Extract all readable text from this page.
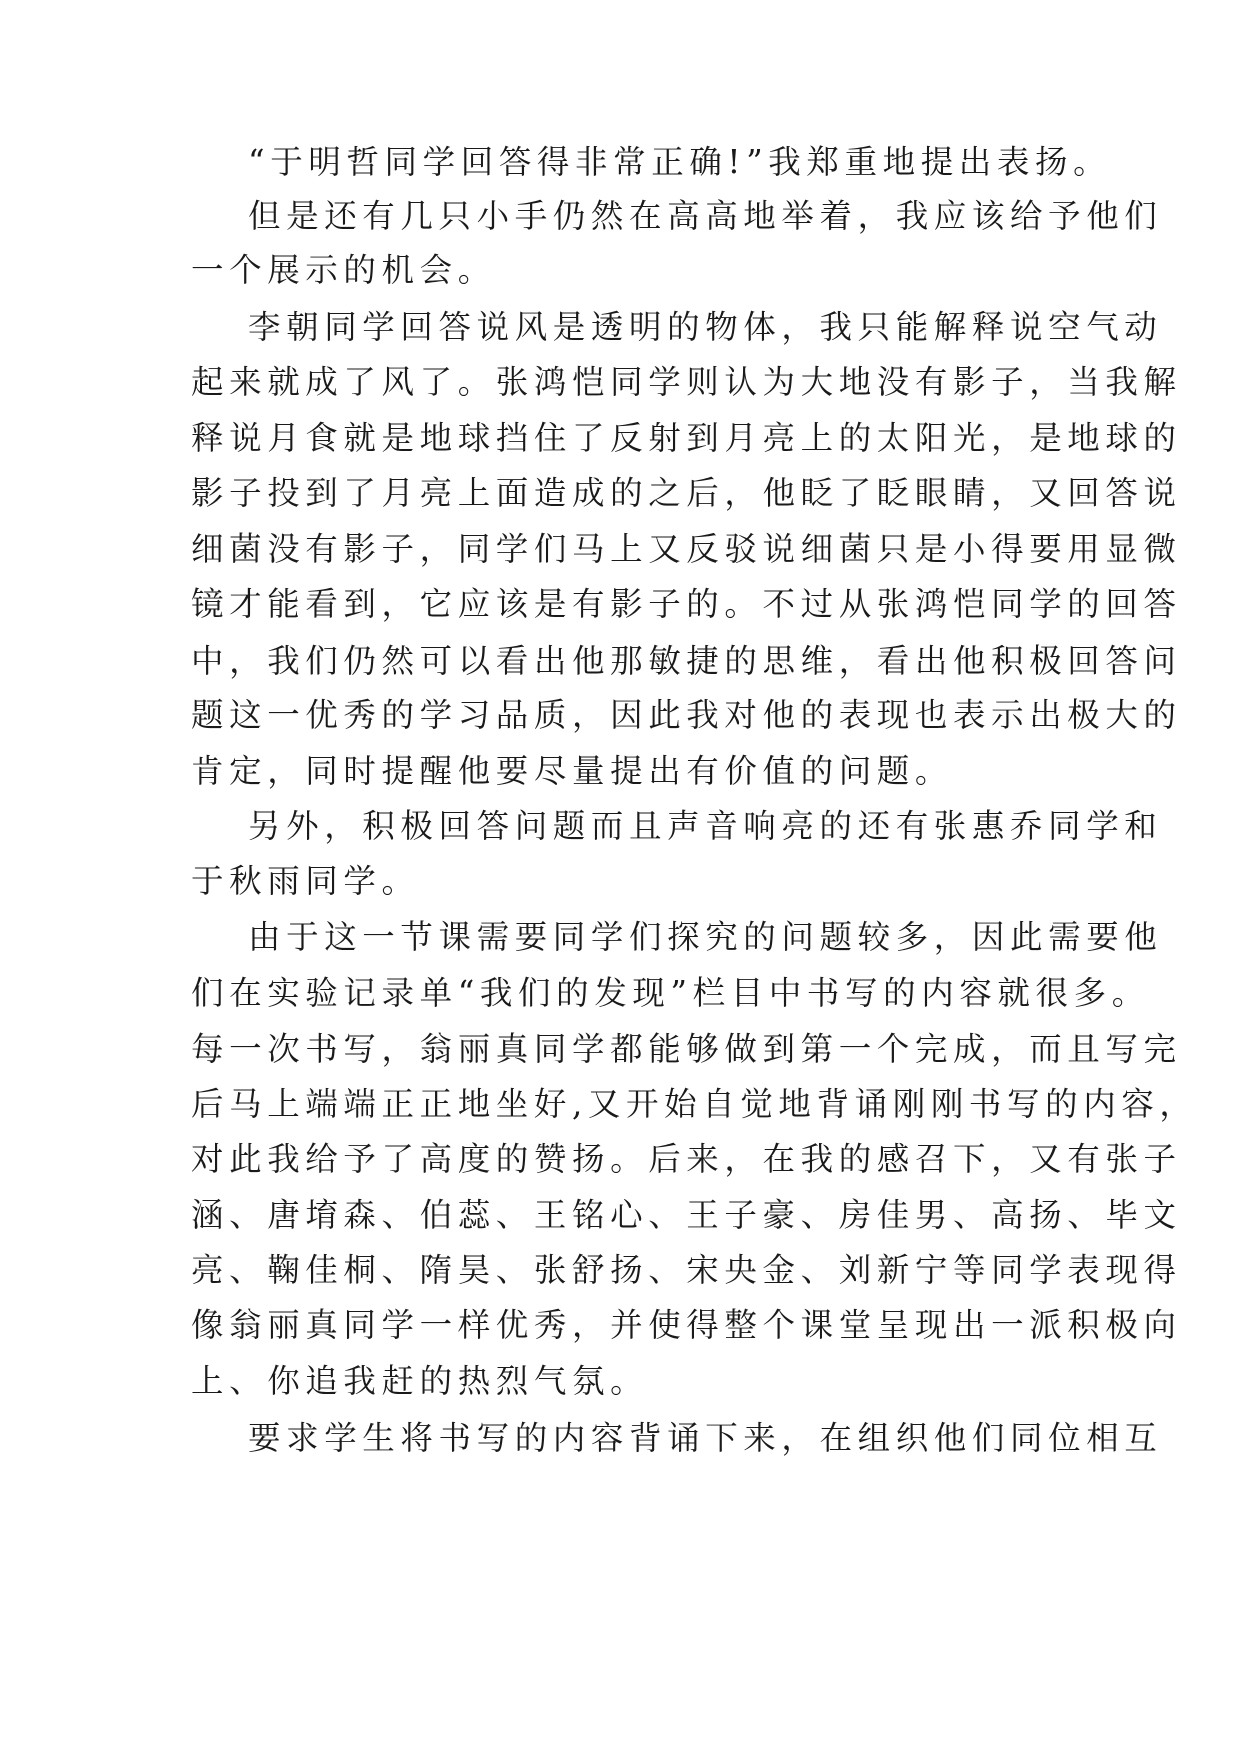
“于明哲同学回答得非常正确!”我郑重地提出表扬。
但是还有几只小手仍然在高高地举着，我应该给予他们
一个展示的机会。
李朝同学回答说风是透明的物体，我只能解释说空气动
起来就成了风了。张鸿恺同学则认为大地没有影子，当我解
释说月食就是地球挡住了反射到月亮上的太阳光，是地球的
影子投到了月亮上面造成的之后，他眨了眨眼睛，又回答说
细菌没有影子，同学们马上又反驳说细菌只是小得要用显微
镜才能看到，它应该是有影子的。不过从张鸿恺同学的回答
中，我们仍然可以看出他那敏捷的思维，看出他积极回答问
题这一优秀的学习品质，因此我对他的表现也表示出极大的
肯定，同时提醒他要尽量提出有价值的问题。
另外，积极回答问题而且声音响亮的还有张惠乔同学和
于秋雨同学。
由于这一节课需要同学们探究的问题较多，因此需要他
们在实验记录单“我们的发现”栏目中书写的内容就很多。
每一次书写，翁丽真同学都能够做到第一个完成，而且写完
后马上端端正正地坐好,又开始自觉地背诵刚刚书写的内容，
对此我给予了高度的赞扬。后来，在我的感召下，又有张子
涵、唐堉森、伯蕊、王铭心、王子豪、房佳男、高扬、毕文
亮、鞠佳桐、隋昊、张舒扬、宋央金、刘新宁等同学表现得
像翁丽真同学一样优秀，并使得整个课堂呈现出一派积极向
上、你追我赶的热烈气氛。
要求学生将书写的内容背诵下来，在组织他们同位相互
